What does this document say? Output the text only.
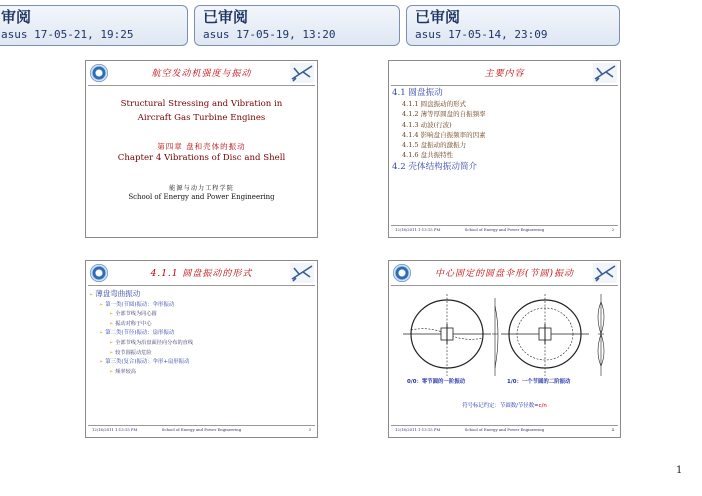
审阅
asus 17-05-21, 19:25
已审阅
asus 17-05-19, 13:20
已审阅
asus 17-05-14, 23:09
航空发动机强度与振动
Structural Stressing and Vibration in
Aircraft Gas Turbine Engines
第四章 盘和壳体的振动
Chapter 4 Vibrations of Disc and Shell
能源与动力工程学院
School of Energy and Power Engineering
主要内容
4.1 圆盘振动
4.1.1 圆盘振动的形式
4.1.2 薄等厚圆盘的自振频率
4.1.3 动波(行波)
4.1.4 影响盘自振频率的因素
4.1.5 盘振动的激振力
4.1.6 盘共振特性
4.2 壳体结构振动简介
12/16/2011 1:13:15 PM	School of Energy and Power Engineering	2
4.1.1 圆盘振动的形式
➢ 薄盘弯曲振动
➢ 第一类(节圆)振动：伞形振动
➢ 全部节线为同心圆
➢ 振动对称于中心
➢ 第二类(节径)振动：扇形振动
➢ 全部节线为沿盘面径向分布的直线
➢ 较节圆振动危险
➢ 第三类(复合)振动：伞形+扇形振动
➢ 频率较高
12/16/2011 1:13:15 PM	School of Energy and Power Engineering	3
中心固定的圆盘伞形(节圆)振动
0/0：零节圆的一阶振动	1/0：一个节圆的二阶振动
符号标记约定：节圆数/节径数=c/n
12/16/2011 1:13:15 PM	School of Energy and Power Engineering	4
1
